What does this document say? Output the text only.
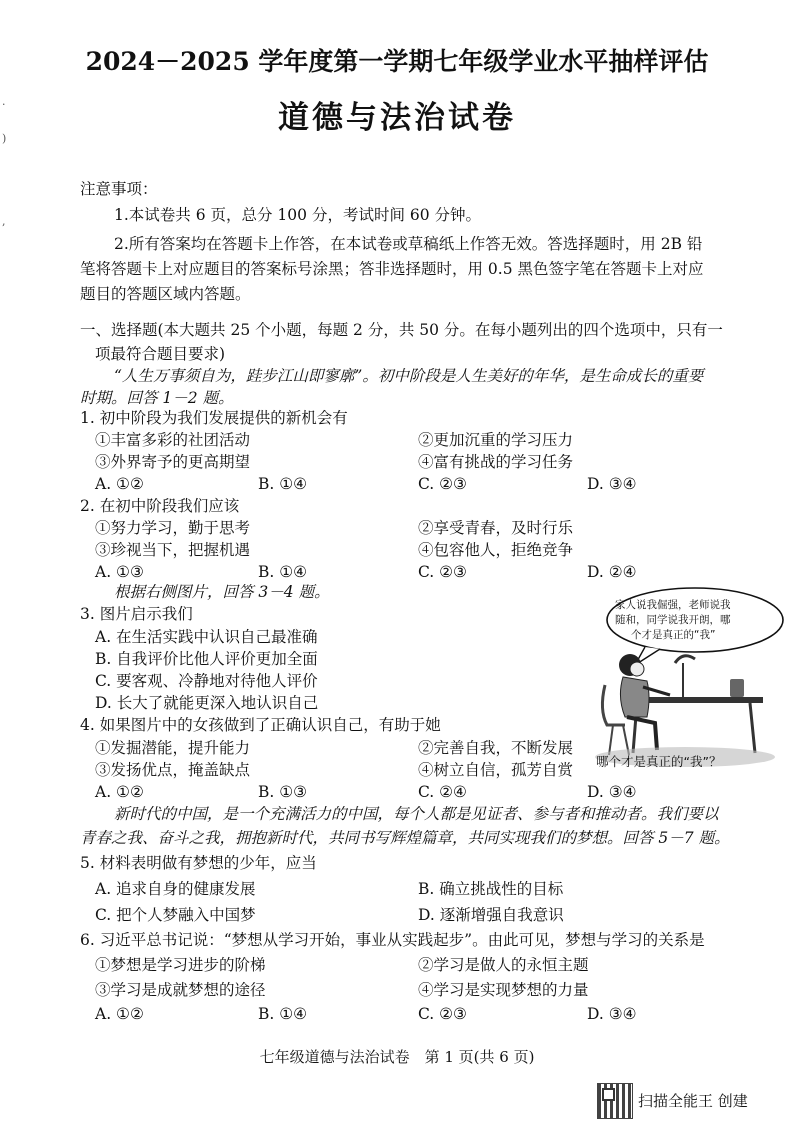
·
)
,
2024－2025 学年度第一学期七年级学业水平抽样评估
道德与法治试卷
注意事项：
1.本试卷共 6 页，总分 100 分，考试时间 60 分钟。
2.所有答案均在答题卡上作答，在本试卷或草稿纸上作答无效。答选择题时，用 2B 铅
笔将答题卡上对应题目的答案标号涂黑；答非选择题时，用 0.5 黑色签字笔在答题卡上对应
题目的答题区域内答题。
一、选择题(本大题共 25 个小题，每题 2 分，共 50 分。在每小题列出的四个选项中，只有一
项最符合题目要求)
“人生万事须自为，跬步江山即寥廓”。初中阶段是人生美好的年华，是生命成长的重要
时期。回答 1－2 题。
1. 初中阶段为我们发展提供的新机会有
①丰富多彩的社团活动	②更加沉重的学习压力
③外界寄予的更高期望	④富有挑战的学习任务
A. ①②	B. ①④	C. ②③	D. ③④
2. 在初中阶段我们应该
①努力学习，勤于思考	②享受青春，及时行乐
③珍视当下，把握机遇	④包容他人，拒绝竞争
A. ①③	B. ①④	C. ②③	D. ②④
根据右侧图片，回答 3－4 题。
3. 图片启示我们
A. 在生活实践中认识自己最准确
B. 自我评价比他人评价更加全面
C. 要客观、冷静地对待他人评价
D. 长大了就能更深入地认识自己
家人说我倔强，老师说我
随和，同学说我开朗，哪
个才是真正的“我”
哪个才是真正的“我”？
4. 如果图片中的女孩做到了正确认识自己，有助于她
①发掘潜能，提升能力	②完善自我，不断发展
③发扬优点，掩盖缺点	④树立自信，孤芳自赏
A. ①②	B. ①③	C. ②④	D. ③④
新时代的中国，是一个充满活力的中国，每个人都是见证者、参与者和推动者。我们要以
青春之我、奋斗之我，拥抱新时代，共同书写辉煌篇章，共同实现我们的梦想。回答 5－7 题。
5. 材料表明做有梦想的少年，应当
A. 追求自身的健康发展	B. 确立挑战性的目标
C. 把个人梦融入中国梦	D. 逐渐增强自我意识
6. 习近平总书记说：“梦想从学习开始，事业从实践起步”。由此可见，梦想与学习的关系是
①梦想是学习进步的阶梯	②学习是做人的永恒主题
③学习是成就梦想的途径	④学习是实现梦想的力量
A. ①②	B. ①④	C. ②③	D. ③④
七年级道德与法治试卷　第 1 页(共 6 页)
扫描全能王 创建
